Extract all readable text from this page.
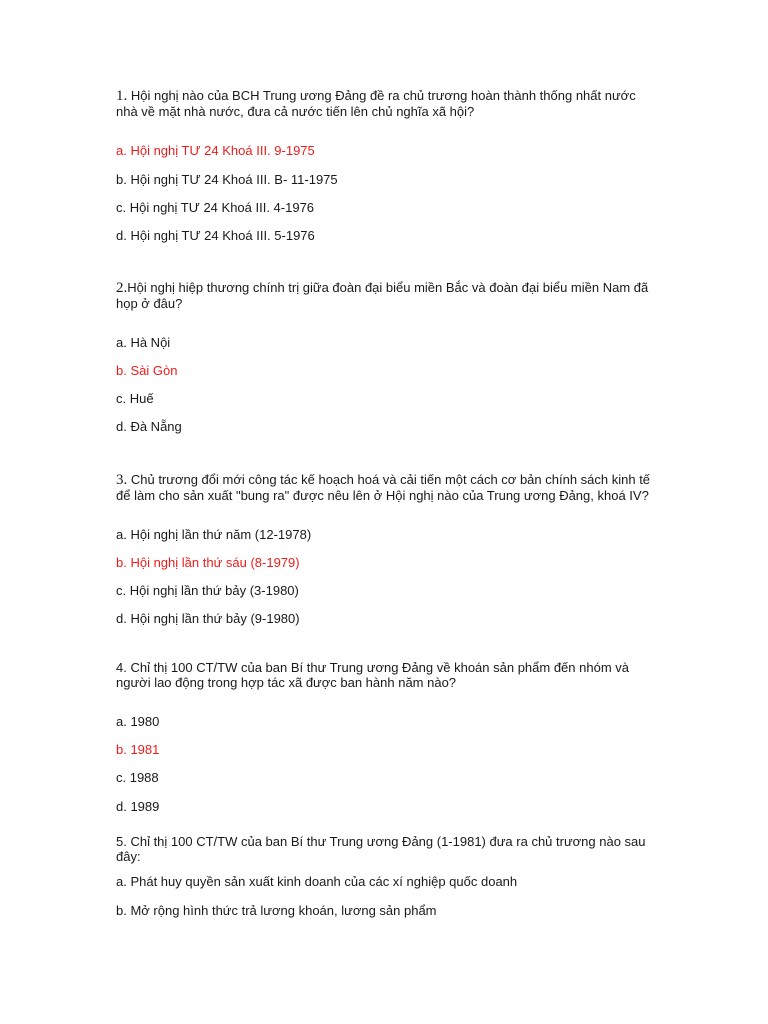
1. Hội nghị nào của BCH Trung ương Đảng đề ra chủ trương hoàn thành thống nhất nước nhà về mặt nhà nước, đưa cả nước tiến lên chủ nghĩa xã hội?

a. Hội nghị TƯ 24 Khoá III. 9-1975
b. Hội nghị TƯ 24 Khoá III. B- 11-1975
c. Hội nghị TƯ 24 Khoá III. 4-1976
d. Hội nghị TƯ 24 Khoá III. 5-1976

2.Hội nghị hiệp thương chính trị giữa đoàn đại biểu miền Bắc và đoàn đại biểu miền Nam đã họp ở đâu?

a. Hà Nội
b. Sài Gòn
c. Huế
d. Đà Nẵng

3. Chủ trương đổi mới công tác kế hoạch hoá và cải tiến một cách cơ bản chính sách kinh tế để làm cho sản xuất "bung ra" được nêu lên ở Hội nghị nào của Trung ương Đảng, khoá IV?

a. Hội nghị lần thứ năm (12-1978)
b. Hội nghị lần thứ sáu (8-1979)
c. Hội nghị lần thứ bảy (3-1980)
d. Hội nghị lần thứ bảy (9-1980)

4. Chỉ thị 100 CT/TW của ban Bí thư Trung ương Đảng về khoán sản phẩm đến nhóm và người lao động trong hợp tác xã được ban hành năm nào?

a. 1980
b. 1981
c. 1988
d. 1989

5. Chỉ thị 100 CT/TW của ban Bí thư Trung ương Đảng (1-1981) đưa ra chủ trương nào sau đây:

a. Phát huy quyền sản xuất kinh doanh của các xí nghiệp quốc doanh
b. Mở rộng hình thức trả lương khoán, lương sản phẩm
